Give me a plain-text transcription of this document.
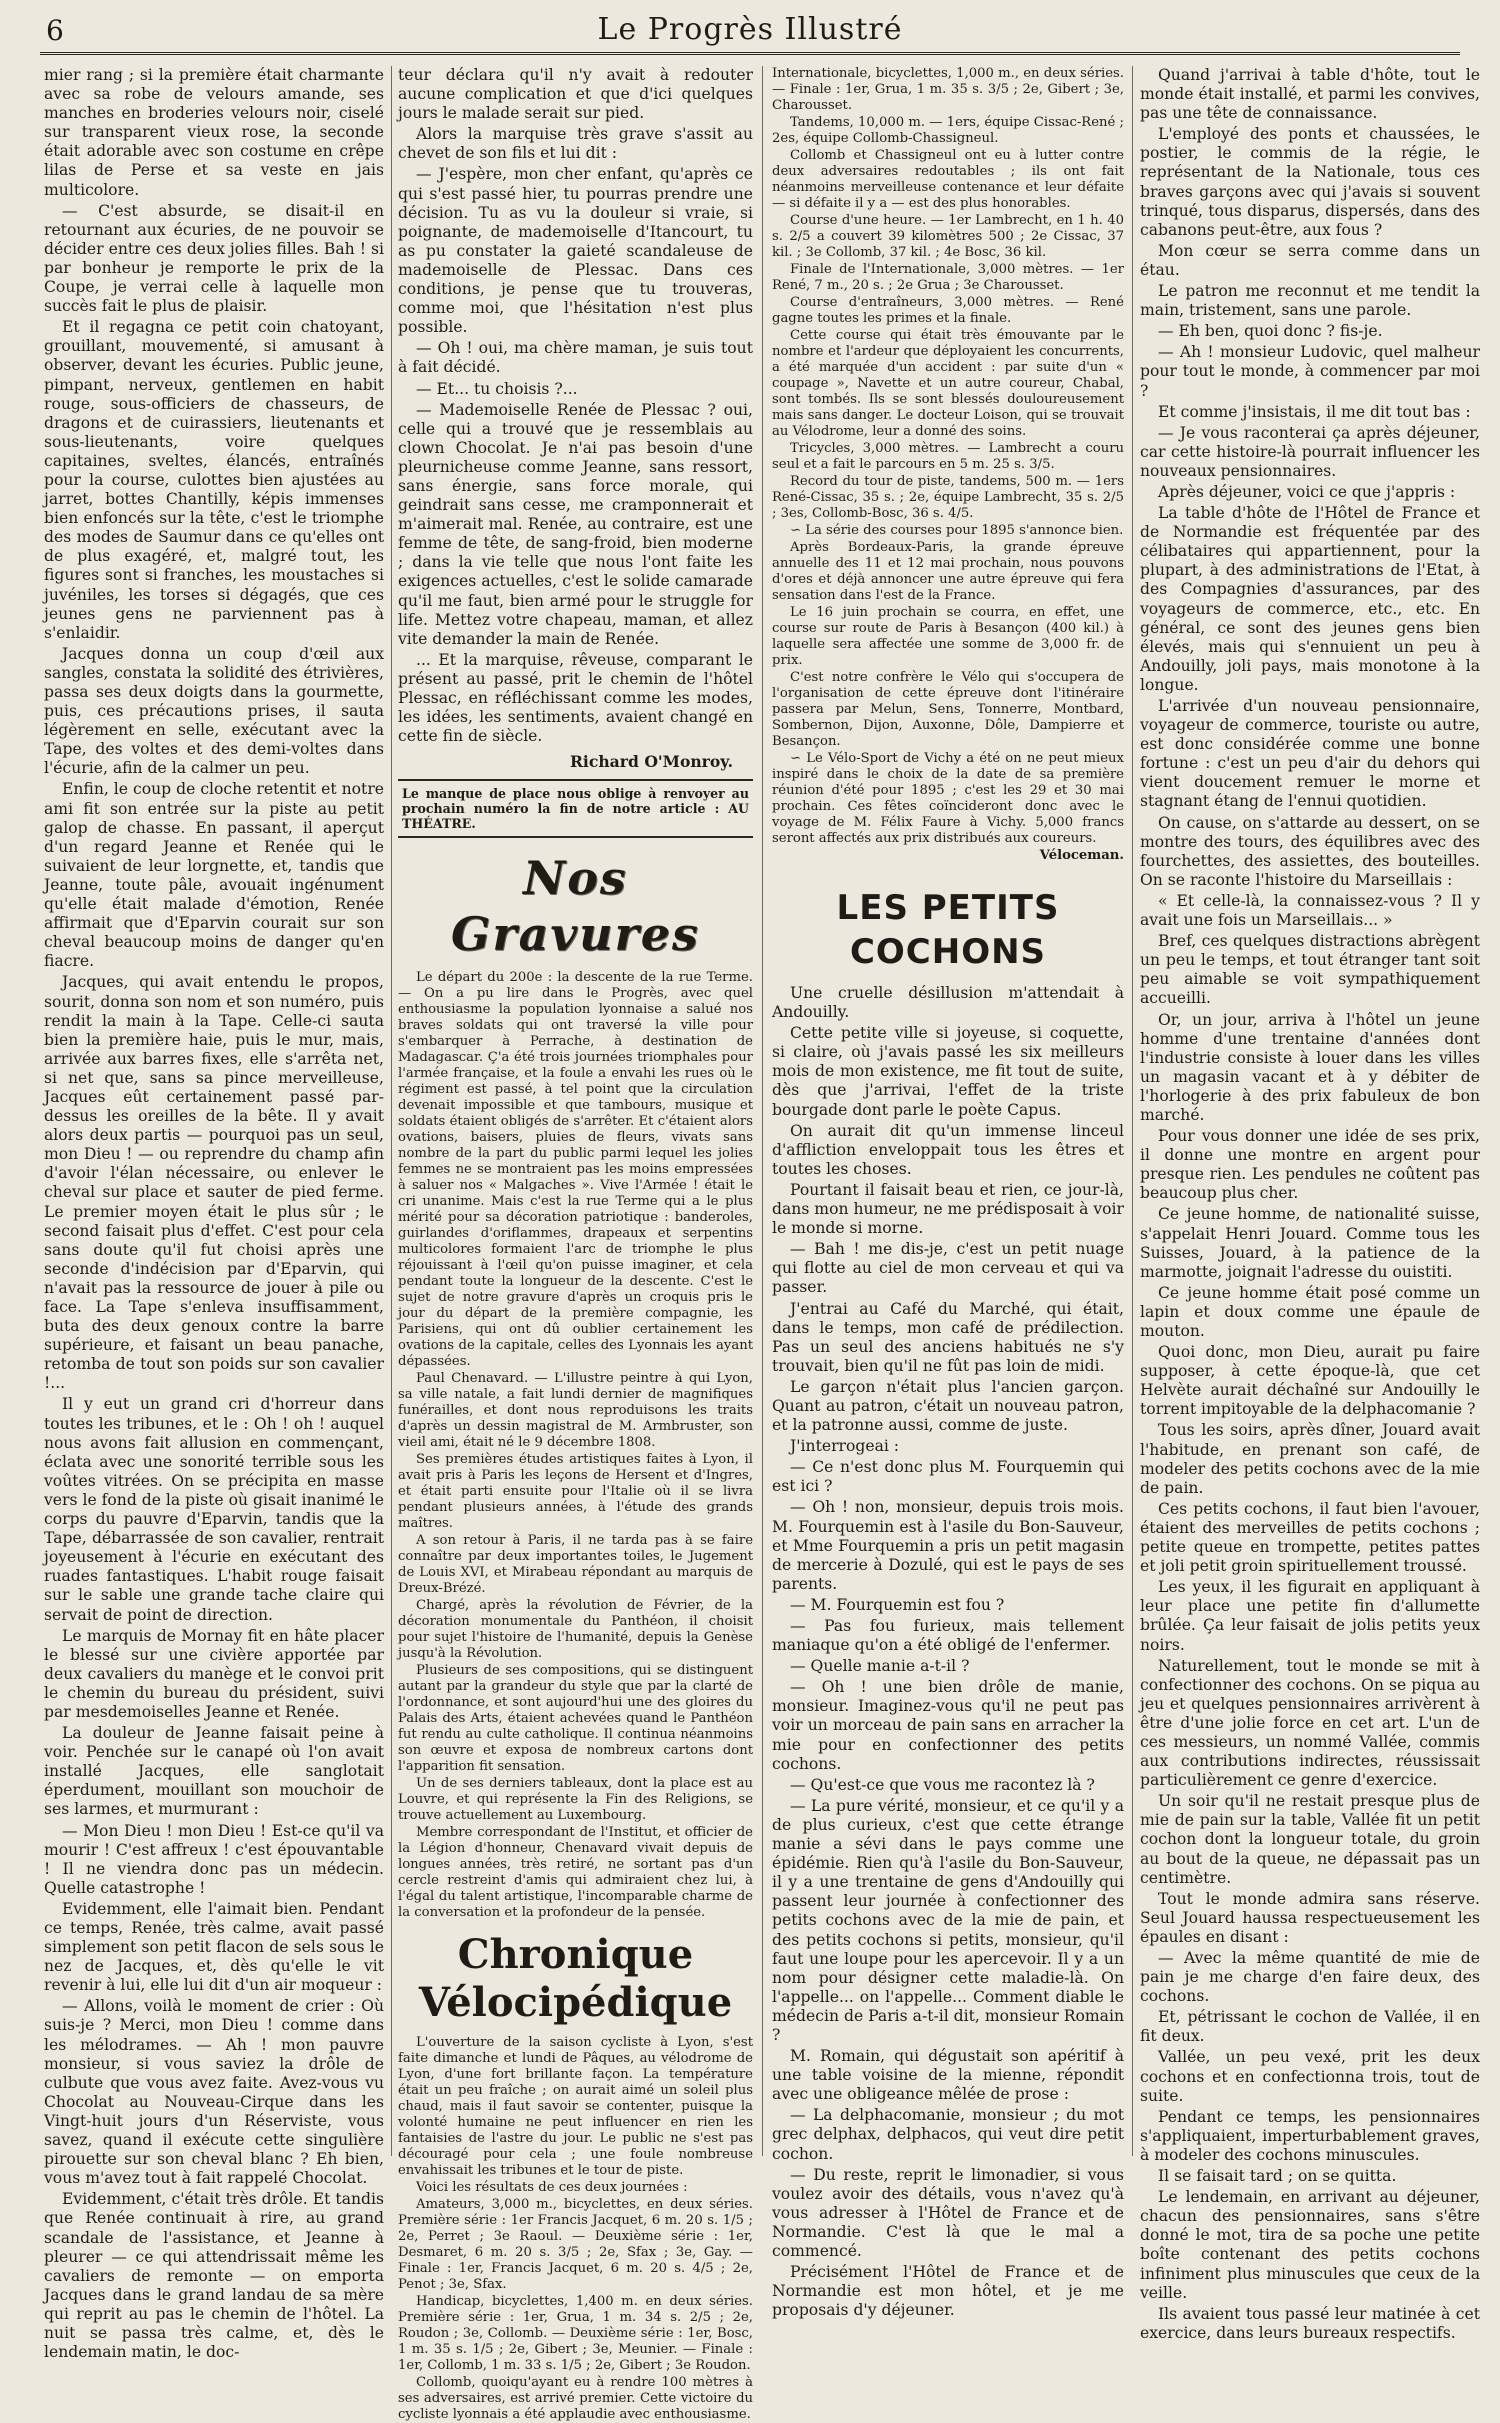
6	Le Progrès Illustré

mier rang ; si la première était charmante avec sa robe de velours amande, ses manches en broderies velours noir, ciselé sur transparent vieux rose, la seconde était adorable avec son costume en crêpe lilas de Perse et sa veste en jais multicolore.

— C'est absurde, se disait-il en retournant aux écuries, de ne pouvoir se décider entre ces deux jolies filles. Bah ! si par bonheur je remporte le prix de la Coupe, je verrai celle à laquelle mon succès fait le plus de plaisir.

Et il regagna ce petit coin chatoyant, grouillant, mouvementé, si amusant à observer, devant les écuries. Public jeune, pimpant, nerveux, gentlemen en habit rouge, sous-officiers de chasseurs, de dragons et de cuirassiers, lieutenants et sous-lieutenants, voire quelques capitaines, sveltes, élancés, entraînés pour la course, culottes bien ajustées au jarret, bottes Chantilly, képis immenses bien enfoncés sur la tête, c'est le triomphe des modes de Saumur dans ce qu'elles ont de plus exagéré, et, malgré tout, les figures sont si franches, les moustaches si juvéniles, les torses si dégagés, que ces jeunes gens ne parviennent pas à s'enlaidir.

Jacques donna un coup d'œil aux sangles, constata la solidité des étrivières, passa ses deux doigts dans la gourmette, puis, ces précautions prises, il sauta légèrement en selle, exécutant avec la Tape, des voltes et des demi-voltes dans l'écurie, afin de la calmer un peu.

Enfin, le coup de cloche retentit et notre ami fit son entrée sur la piste au petit galop de chasse. En passant, il aperçut d'un regard Jeanne et Renée qui le suivaient de leur lorgnette, et, tandis que Jeanne, toute pâle, avouait ingénument qu'elle était malade d'émotion, Renée affirmait que d'Eparvin courait sur son cheval beaucoup moins de danger qu'en fiacre.

Jacques, qui avait entendu le propos, sourit, donna son nom et son numéro, puis rendit la main à la Tape. Celle-ci sauta bien la première haie, puis le mur, mais, arrivée aux barres fixes, elle s'arrêta net, si net que, sans sa pince merveilleuse, Jacques eût certainement passé par-dessus les oreilles de la bête. Il y avait alors deux partis — pourquoi pas un seul, mon Dieu ! — ou reprendre du champ afin d'avoir l'élan nécessaire, ou enlever le cheval sur place et sauter de pied ferme. Le premier moyen était le plus sûr ; le second faisait plus d'effet. C'est pour cela sans doute qu'il fut choisi après une seconde d'indécision par d'Eparvin, qui n'avait pas la ressource de jouer à pile ou face. La Tape s'enleva insuffisamment, buta des deux genoux contre la barre supérieure, et faisant un beau panache, retomba de tout son poids sur son cavalier !...

Il y eut un grand cri d'horreur dans toutes les tribunes, et le : Oh ! oh ! auquel nous avons fait allusion en commençant, éclata avec une sonorité terrible sous les voûtes vitrées. On se précipita en masse vers le fond de la piste où gisait inanimé le corps du pauvre d'Eparvin, tandis que la Tape, débarrassée de son cavalier, rentrait joyeusement à l'écurie en exécutant des ruades fantastiques. L'habit rouge faisait sur le sable une grande tache claire qui servait de point de direction.

Le marquis de Mornay fit en hâte placer le blessé sur une civière apportée par deux cavaliers du manège et le convoi prit le chemin du bureau du président, suivi par mesdemoiselles Jeanne et Renée.

La douleur de Jeanne faisait peine à voir. Penchée sur le canapé où l'on avait installé Jacques, elle sanglotait éperdument, mouillant son mouchoir de ses larmes, et murmurant :

— Mon Dieu ! mon Dieu ! Est-ce qu'il va mourir ! C'est affreux ! c'est épouvantable ! Il ne viendra donc pas un médecin. Quelle catastrophe !

Evidemment, elle l'aimait bien. Pendant ce temps, Renée, très calme, avait passé simplement son petit flacon de sels sous le nez de Jacques, et, dès qu'elle le vit revenir à lui, elle lui dit d'un air moqueur :

— Allons, voilà le moment de crier : Où suis-je ? Merci, mon Dieu ! comme dans les mélodrames. — Ah ! mon pauvre monsieur, si vous saviez la drôle de culbute que vous avez faite. Avez-vous vu Chocolat au Nouveau-Cirque dans les Vingt-huit jours d'un Réserviste, vous savez, quand il exécute cette singulière pirouette sur son cheval blanc ? Eh bien, vous m'avez tout à fait rappelé Chocolat.

Evidemment, c'était très drôle. Et tandis que Renée continuait à rire, au grand scandale de l'assistance, et Jeanne à pleurer — ce qui attendrissait même les cavaliers de remonte — on emporta Jacques dans le grand landau de sa mère qui reprit au pas le chemin de l'hôtel. La nuit se passa très calme, et, dès le lendemain matin, le doc-

teur déclara qu'il n'y avait à redouter aucune complication et que d'ici quelques jours le malade serait sur pied.

Alors la marquise très grave s'assit au chevet de son fils et lui dit :

— J'espère, mon cher enfant, qu'après ce qui s'est passé hier, tu pourras prendre une décision. Tu as vu la douleur si vraie, si poignante, de mademoiselle d'Itancourt, tu as pu constater la gaieté scandaleuse de mademoiselle de Plessac. Dans ces conditions, je pense que tu trouveras, comme moi, que l'hésitation n'est plus possible.

— Oh ! oui, ma chère maman, je suis tout à fait décidé.

— Et... tu choisis ?...

— Mademoiselle Renée de Plessac ? oui, celle qui a trouvé que je ressemblais au clown Chocolat. Je n'ai pas besoin d'une pleurnicheuse comme Jeanne, sans ressort, sans énergie, sans force morale, qui geindrait sans cesse, me cramponnerait et m'aimerait mal. Renée, au contraire, est une femme de tête, de sang-froid, bien moderne ; dans la vie telle que nous l'ont faite les exigences actuelles, c'est le solide camarade qu'il me faut, bien armé pour le struggle for life. Mettez votre chapeau, maman, et allez vite demander la main de Renée.

... Et la marquise, rêveuse, comparant le présent au passé, prit le chemin de l'hôtel Plessac, en réfléchissant comme les modes, les idées, les sentiments, avaient changé en cette fin de siècle.

Richard O'Monroy.

Le manque de place nous oblige à renvoyer au prochain numéro la fin de notre article : AU THÉATRE.
Nos Gravures

Le départ du 200e : la descente de la rue Terme. — On a pu lire dans le Progrès, avec quel enthousiasme la population lyonnaise a salué nos braves soldats qui ont traversé la ville pour s'embarquer à Perrache, à destination de Madagascar. Ç'a été trois journées triomphales pour l'armée française, et la foule a envahi les rues où le régiment est passé, à tel point que la circulation devenait impossible et que tambours, musique et soldats étaient obligés de s'arrêter. Et c'étaient alors ovations, baisers, pluies de fleurs, vivats sans nombre de la part du public parmi lequel les jolies femmes ne se montraient pas les moins empressées à saluer nos « Malgaches ». Vive l'Armée ! était le cri unanime. Mais c'est la rue Terme qui a le plus mérité pour sa décoration patriotique : banderoles, guirlandes d'oriflammes, drapeaux et serpentins multicolores formaient l'arc de triomphe le plus réjouissant à l'œil qu'on puisse imaginer, et cela pendant toute la longueur de la descente. C'est le sujet de notre gravure d'après un croquis pris le jour du départ de la première compagnie, les Parisiens, qui ont dû oublier certainement les ovations de la capitale, celles des Lyonnais les ayant dépassées.

Paul Chenavard. — L'illustre peintre à qui Lyon, sa ville natale, a fait lundi dernier de magnifiques funérailles, et dont nous reproduisons les traits d'après un dessin magistral de M. Armbruster, son vieil ami, était né le 9 décembre 1808.

Ses premières études artistiques faites à Lyon, il avait pris à Paris les leçons de Hersent et d'Ingres, et était parti ensuite pour l'Italie où il se livra pendant plusieurs années, à l'étude des grands maîtres.

A son retour à Paris, il ne tarda pas à se faire connaître par deux importantes toiles, le Jugement de Louis XVI, et Mirabeau répondant au marquis de Dreux-Brézé.

Chargé, après la révolution de Février, de la décoration monumentale du Panthéon, il choisit pour sujet l'histoire de l'humanité, depuis la Genèse jusqu'à la Révolution.

Plusieurs de ses compositions, qui se distinguent autant par la grandeur du style que par la clarté de l'ordonnance, et sont aujourd'hui une des gloires du Palais des Arts, étaient achevées quand le Panthéon fut rendu au culte catholique. Il continua néanmoins son œuvre et exposa de nombreux cartons dont l'apparition fit sensation.

Un de ses derniers tableaux, dont la place est au Louvre, et qui représente la Fin des Religions, se trouve actuellement au Luxembourg.

Membre correspondant de l'Institut, et officier de la Légion d'honneur, Chenavard vivait depuis de longues années, très retiré, ne sortant pas d'un cercle restreint d'amis qui admiraient chez lui, à l'égal du talent artistique, l'incomparable charme de la conversation et la profondeur de la pensée.

Chronique Vélocipédique

L'ouverture de la saison cycliste à Lyon, s'est faite dimanche et lundi de Pâques, au vélodrome de Lyon, d'une fort brillante façon. La température était un peu fraîche ; on aurait aimé un soleil plus chaud, mais il faut savoir se contenter, puisque la volonté humaine ne peut influencer en rien les fantaisies de l'astre du jour. Le public ne s'est pas découragé pour cela ; une foule nombreuse envahissait les tribunes et le tour de piste.

Voici les résultats de ces deux journées :

Amateurs, 3,000 m., bicyclettes, en deux séries. Première série : 1er Francis Jacquet, 6 m. 20 s. 1/5 ; 2e, Perret ; 3e Raoul. — Deuxième série : 1er, Desmaret, 6 m. 20 s. 3/5 ; 2e, Sfax ; 3e, Gay. — Finale : 1er, Francis Jacquet, 6 m. 20 s. 4/5 ; 2e, Penot ; 3e, Sfax.

Handicap, bicyclettes, 1,400 m. en deux séries. Première série : 1er, Grua, 1 m. 34 s. 2/5 ; 2e, Roudon ; 3e, Collomb. — Deuxième série : 1er, Bosc, 1 m. 35 s. 1/5 ; 2e, Gibert ; 3e, Meunier. — Finale : 1er, Collomb, 1 m. 33 s. 1/5 ; 2e, Gibert ; 3e Roudon.

Collomb, quoiqu'ayant eu à rendre 100 mètres à ses adversaires, est arrivé premier. Cette victoire du cycliste lyonnais a été applaudie avec enthousiasme.

Internationale, bicyclettes, 1,000 m., en deux séries. — Finale : 1er, Grua, 1 m. 35 s. 3/5 ; 2e, Gibert ; 3e, Charousset.

Tandems, 10,000 m. — 1ers, équipe Cissac-René ; 2es, équipe Collomb-Chassigneul.

Collomb et Chassigneul ont eu à lutter contre deux adversaires redoutables ; ils ont fait néanmoins merveilleuse contenance et leur défaite — si défaite il y a — est des plus honorables.

Course d'une heure. — 1er Lambrecht, en 1 h. 40 s. 2/5 a couvert 39 kilomètres 500 ; 2e Cissac, 37 kil. ; 3e Collomb, 37 kil. ; 4e Bosc, 36 kil.

Finale de l'Internationale, 3,000 mètres. — 1er René, 7 m., 20 s. ; 2e Grua ; 3e Charousset.

Course d'entraîneurs, 3,000 mètres. — René gagne toutes les primes et la finale.

Cette course qui était très émouvante par le nombre et l'ardeur que déployaient les concurrents, a été marquée d'un accident : par suite d'un « coupage », Navette et un autre coureur, Chabal, sont tombés. Ils se sont blessés douloureusement mais sans danger. Le docteur Loison, qui se trouvait au Vélodrome, leur a donné des soins.

Tricycles, 3,000 mètres. — Lambrecht a couru seul et a fait le parcours en 5 m. 25 s. 3/5.

Record du tour de piste, tandems, 500 m. — 1ers René-Cissac, 35 s. ; 2e, équipe Lambrecht, 35 s. 2/5 ; 3es, Collomb-Bosc, 36 s. 4/5.

∽ La série des courses pour 1895 s'annonce bien.

Après Bordeaux-Paris, la grande épreuve annuelle des 11 et 12 mai prochain, nous pouvons d'ores et déjà annoncer une autre épreuve qui fera sensation dans l'est de la France.

Le 16 juin prochain se courra, en effet, une course sur route de Paris à Besançon (400 kil.) à laquelle sera affectée une somme de 3,000 fr. de prix.

C'est notre confrère le Vélo qui s'occupera de l'organisation de cette épreuve dont l'itinéraire passera par Melun, Sens, Tonnerre, Montbard, Sombernon, Dijon, Auxonne, Dôle, Dampierre et Besançon.

∽ Le Vélo-Sport de Vichy a été on ne peut mieux inspiré dans le choix de la date de sa première réunion d'été pour 1895 ; c'est les 29 et 30 mai prochain. Ces fêtes coïncideront donc avec le voyage de M. Félix Faure à Vichy. 5,000 francs seront affectés aux prix distribués aux coureurs.

Véloceman.

LES PETITS COCHONS

Une cruelle désillusion m'attendait à Andouilly.

Cette petite ville si joyeuse, si coquette, si claire, où j'avais passé les six meilleurs mois de mon existence, me fit tout de suite, dès que j'arrivai, l'effet de la triste bourgade dont parle le poète Capus.

On aurait dit qu'un immense linceul d'affliction enveloppait tous les êtres et toutes les choses.

Pourtant il faisait beau et rien, ce jour-là, dans mon humeur, ne me prédisposait à voir le monde si morne.

— Bah ! me dis-je, c'est un petit nuage qui flotte au ciel de mon cerveau et qui va passer.

J'entrai au Café du Marché, qui était, dans le temps, mon café de prédilection. Pas un seul des anciens habitués ne s'y trouvait, bien qu'il ne fût pas loin de midi.

Le garçon n'était plus l'ancien garçon. Quant au patron, c'était un nouveau patron, et la patronne aussi, comme de juste.

J'interrogeai :

— Ce n'est donc plus M. Fourquemin qui est ici ?

— Oh ! non, monsieur, depuis trois mois. M. Fourquemin est à l'asile du Bon-Sauveur, et Mme Fourquemin a pris un petit magasin de mercerie à Dozulé, qui est le pays de ses parents.

— M. Fourquemin est fou ?

— Pas fou furieux, mais tellement maniaque qu'on a été obligé de l'enfermer.

— Quelle manie a-t-il ?

— Oh ! une bien drôle de manie, monsieur. Imaginez-vous qu'il ne peut pas voir un morceau de pain sans en arracher la mie pour en confectionner des petits cochons.

— Qu'est-ce que vous me racontez là ?

— La pure vérité, monsieur, et ce qu'il y a de plus curieux, c'est que cette étrange manie a sévi dans le pays comme une épidémie. Rien qu'à l'asile du Bon-Sauveur, il y a une trentaine de gens d'Andouilly qui passent leur journée à confectionner des petits cochons avec de la mie de pain, et des petits cochons si petits, monsieur, qu'il faut une loupe pour les apercevoir. Il y a un nom pour désigner cette maladie-là. On l'appelle... on l'appelle... Comment diable le médecin de Paris a-t-il dit, monsieur Romain ?

M. Romain, qui dégustait son apéritif à une table voisine de la mienne, répondit avec une obligeance mêlée de prose :

— La delphacomanie, monsieur ; du mot grec delphax, delphacos, qui veut dire petit cochon.

— Du reste, reprit le limonadier, si vous voulez avoir des détails, vous n'avez qu'à vous adresser à l'Hôtel de France et de Normandie. C'est là que le mal a commencé.

Précisément l'Hôtel de France et de Normandie est mon hôtel, et je me proposais d'y déjeuner.

Quand j'arrivai à table d'hôte, tout le monde était installé, et parmi les convives, pas une tête de connaissance.

L'employé des ponts et chaussées, le postier, le commis de la régie, le représentant de la Nationale, tous ces braves garçons avec qui j'avais si souvent trinqué, tous disparus, dispersés, dans des cabanons peut-être, aux fous ?

Mon cœur se serra comme dans un étau.

Le patron me reconnut et me tendit la main, tristement, sans une parole.

— Eh ben, quoi donc ? fis-je.

— Ah ! monsieur Ludovic, quel malheur pour tout le monde, à commencer par moi ?

Et comme j'insistais, il me dit tout bas :

— Je vous raconterai ça après déjeuner, car cette histoire-là pourrait influencer les nouveaux pensionnaires.

Après déjeuner, voici ce que j'appris :

La table d'hôte de l'Hôtel de France et de Normandie est fréquentée par des célibataires qui appartiennent, pour la plupart, à des administrations de l'Etat, à des Compagnies d'assurances, par des voyageurs de commerce, etc., etc. En général, ce sont des jeunes gens bien élevés, mais qui s'ennuient un peu à Andouilly, joli pays, mais monotone à la longue.

L'arrivée d'un nouveau pensionnaire, voyageur de commerce, touriste ou autre, est donc considérée comme une bonne fortune : c'est un peu d'air du dehors qui vient doucement remuer le morne et stagnant étang de l'ennui quotidien.

On cause, on s'attarde au dessert, on se montre des tours, des équilibres avec des fourchettes, des assiettes, des bouteilles. On se raconte l'histoire du Marseillais :

« Et celle-là, la connaissez-vous ? Il y avait une fois un Marseillais... »

Bref, ces quelques distractions abrègent un peu le temps, et tout étranger tant soit peu aimable se voit sympathiquement accueilli.

Or, un jour, arriva à l'hôtel un jeune homme d'une trentaine d'années dont l'industrie consiste à louer dans les villes un magasin vacant et à y débiter de l'horlogerie à des prix fabuleux de bon marché.

Pour vous donner une idée de ses prix, il donne une montre en argent pour presque rien. Les pendules ne coûtent pas beaucoup plus cher.

Ce jeune homme, de nationalité suisse, s'appelait Henri Jouard. Comme tous les Suisses, Jouard, à la patience de la marmotte, joignait l'adresse du ouistiti.

Ce jeune homme était posé comme un lapin et doux comme une épaule de mouton.

Quoi donc, mon Dieu, aurait pu faire supposer, à cette époque-là, que cet Helvète aurait déchaîné sur Andouilly le torrent impitoyable de la delphacomanie ?

Tous les soirs, après dîner, Jouard avait l'habitude, en prenant son café, de modeler des petits cochons avec de la mie de pain.

Ces petits cochons, il faut bien l'avouer, étaient des merveilles de petits cochons ; petite queue en trompette, petites pattes et joli petit groin spirituellement troussé.

Les yeux, il les figurait en appliquant à leur place une petite fin d'allumette brûlée. Ça leur faisait de jolis petits yeux noirs.

Naturellement, tout le monde se mit à confectionner des cochons. On se piqua au jeu et quelques pensionnaires arrivèrent à être d'une jolie force en cet art. L'un de ces messieurs, un nommé Vallée, commis aux contributions indirectes, réussissait particulièrement ce genre d'exercice.

Un soir qu'il ne restait presque plus de mie de pain sur la table, Vallée fit un petit cochon dont la longueur totale, du groin au bout de la queue, ne dépassait pas un centimètre.

Tout le monde admira sans réserve. Seul Jouard haussa respectueusement les épaules en disant :

— Avec la même quantité de mie de pain je me charge d'en faire deux, des cochons.

Et, pétrissant le cochon de Vallée, il en fit deux.

Vallée, un peu vexé, prit les deux cochons et en confectionna trois, tout de suite.

Pendant ce temps, les pensionnaires s'appliquaient, imperturbablement graves, à modeler des cochons minuscules.

Il se faisait tard ; on se quitta.

Le lendemain, en arrivant au déjeuner, chacun des pensionnaires, sans s'être donné le mot, tira de sa poche une petite boîte contenant des petits cochons infiniment plus minuscules que ceux de la veille.

Ils avaient tous passé leur matinée à cet exercice, dans leurs bureaux respectifs.
